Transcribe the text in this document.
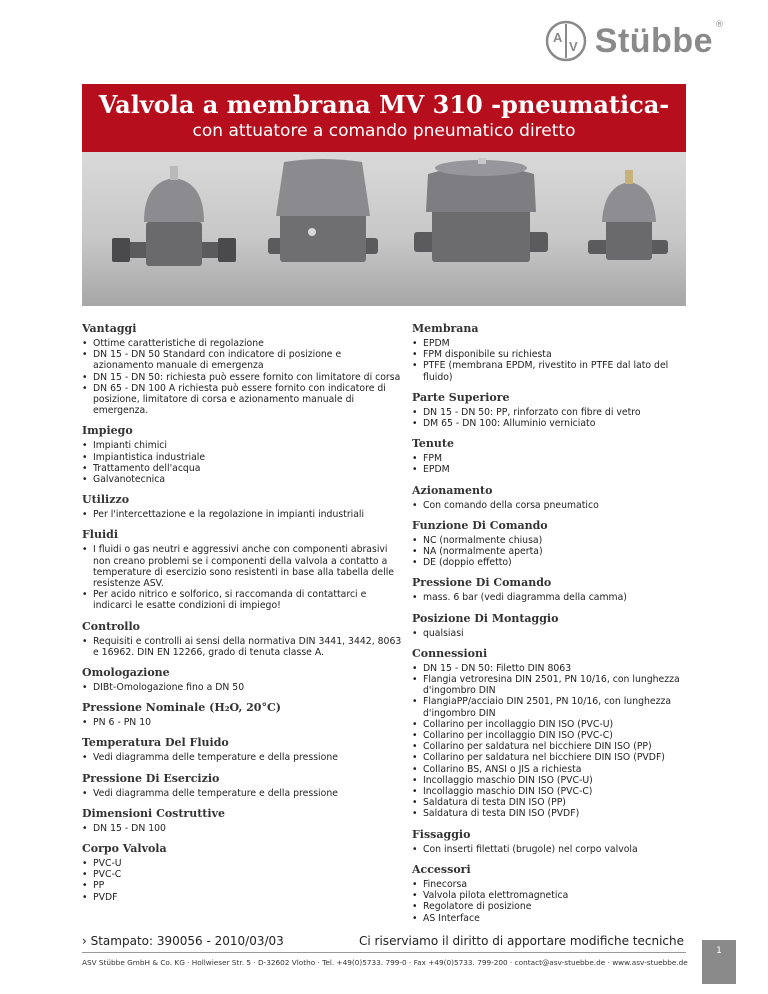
A
V Stübbe ®
Valvola a membrana MV 310 -pneumatica-
con attuatore a comando pneumatico diretto
Vantaggi
• Ottime caratteristiche di regolazione
• DN 15 - DN 50 Standard con indicatore di posizione e azionamento manuale di emergenza
• DN 15 - DN 50: richiesta può essere fornito con limitatore di corsa
• DN 65 - DN 100 A richiesta può essere fornito con indicatore di posizione, limitatore di corsa e azionamento manuale di emergenza.
Impiego
• Impianti chimici
• Impiantistica industriale
• Trattamento dell'acqua
• Galvanotecnica
Utilizzo
• Per l'intercettazione e la regolazione in impianti industriali
Fluidi
• I fluidi o gas neutri e aggressivi anche con componenti abrasivi non creano problemi se i componenti della valvola a contatto a temperature di esercizio sono resistenti in base alla tabella delle resistenze ASV.
• Per acido nitrico e solforico, si raccomanda di contattarci e indicarci le esatte condizioni di impiego!
Controllo
• Requisiti e controlli ai sensi della normativa DIN 3441, 3442, 8063 e 16962. DIN EN 12266, grado di tenuta classe A.
Omologazione
• DIBt-Omologazione fino a DN 50
Pressione Nominale (H₂O, 20°C)
• PN 6 - PN 10
Temperatura Del Fluido
• Vedi diagramma delle temperature e della pressione
Pressione Di Esercizio
• Vedi diagramma delle temperature e della pressione
Dimensioni Costruttive
• DN 15 - DN 100
Corpo Valvola
• PVC-U
• PVC-C
• PP
• PVDF
Membrana
• EPDM
• FPM disponibile su richiesta
• PTFE (membrana EPDM, rivestito in PTFE dal lato del fluido)
Parte Superiore
• DN 15 - DN 50: PP, rinforzato con fibre di vetro
• DM 65 - DN 100: Alluminio verniciato
Tenute
• FPM
• EPDM
Azionamento
• Con comando della corsa pneumatico
Funzione Di Comando
• NC (normalmente chiusa)
• NA (normalmente aperta)
• DE (doppio effetto)
Pressione Di Comando
• mass. 6 bar (vedi diagramma della camma)
Posizione Di Montaggio
• qualsiasi
Connessioni
• DN 15 - DN 50: Filetto DIN 8063
• Flangia vetroresina DIN 2501, PN 10/16, con lunghezza d'ingombro DIN
• FlangiaPP/acciaio DIN 2501, PN 10/16, con lunghezza d'ingombro DIN
• Collarino per incollaggio DIN ISO (PVC-U)
• Collarino per incollaggio DIN ISO (PVC-C)
• Collarino per saldatura nel bicchiere DIN ISO (PP)
• Collarino per saldatura nel bicchiere DIN ISO (PVDF)
• Collarino BS, ANSI o JIS a richiesta
• Incollaggio maschio DIN ISO (PVC-U)
• Incollaggio maschio DIN ISO (PVC-C)
• Saldatura di testa DIN ISO (PP)
• Saldatura di testa DIN ISO (PVDF)
Fissaggio
• Con inserti filettati (brugole) nel corpo valvola
Accessori
• Finecorsa
• Valvola pilota elettromagnetica
• Regolatore di posizione
• AS Interface
› Stampato: 390056 - 2010/03/03	Ci riserviamo il diritto di apportare modifiche tecniche
ASV Stübbe GmbH & Co. KG · Hollwieser Str. 5 · D-32602 Vlotho · Tel. +49(0)5733. 799-0 · Fax +49(0)5733. 799-200 · contact@asv-stuebbe.de · www.asv-stuebbe.de
1
